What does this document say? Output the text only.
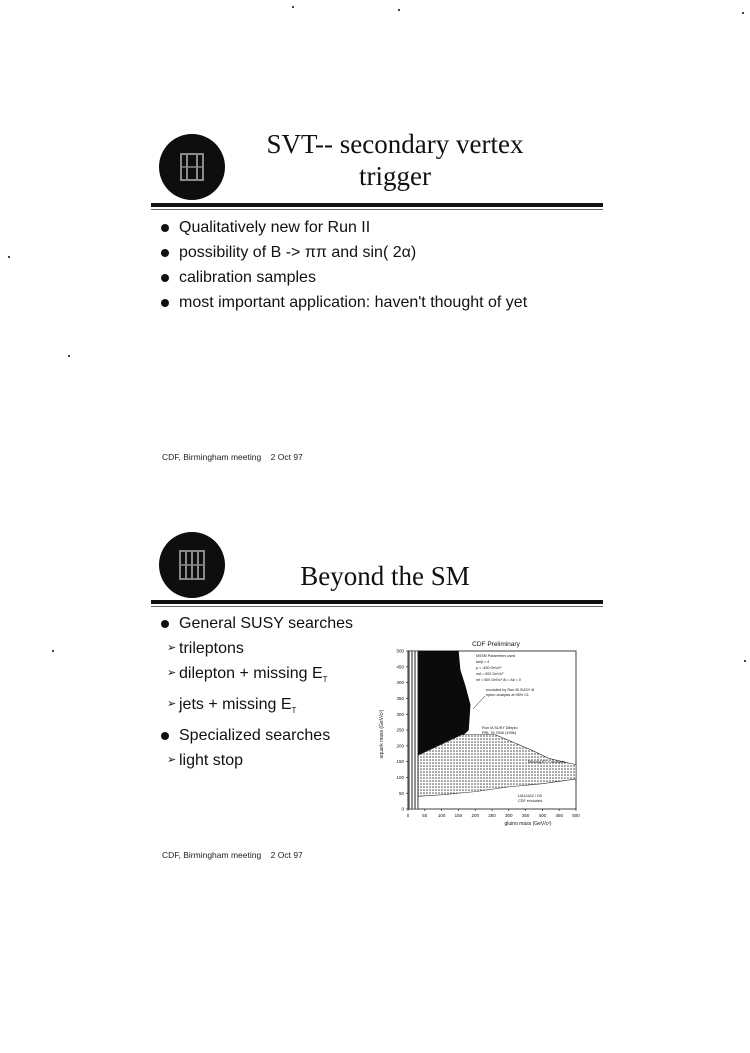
SVT-- secondary vertex
trigger
Qualitatively new for Run II
possibility of B -> ππ and sin( 2α)
calibration samples
most important application: haven't thought of yet
CDF, Birmingham meeting    2 Oct 97
Beyond the SM
General SUSY searches
➢ trileptons
➢ dilepton + missing $E_T$
➢ jets + missing $E_T$
Specialized searches
➢ light stop
CDF Preliminary
0	50 100 150 200 250 300 350 400 450 500
0
50
100
150
200
250
300
350
400
450
500
excluded by Run IB SUSY di
epton analysis at 95% CL
Run IA SUSY Dilepto
PRL 76 2006 (1996)
Missing ET + multijets
UA1/UA2 / D0
CDF excluded
MSSM Parameters used
tanβ = 4
μ = -400 GeV/c²
mA = 500 GeV/c²
mt = 500 GeV/c² At = Ab = 0
squark mass (GeV/c²)
gluino mass (GeV/c²)
CDF, Birmingham meeting    2 Oct 97
